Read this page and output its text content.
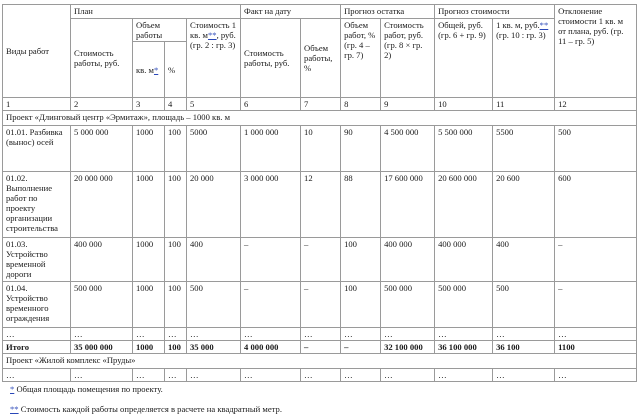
Виды работ	План				Факт на дату		Прогноз остатка		Прогноз стоимости		Отклонение стоимости 1 кв. м от плана, руб. (гр. 11 – гр. 5)
	Стоимость работы, руб.	Объем работы		Стоимость 1 кв. м**, руб. (гр. 2 : гр. 3)	Стоимость работы, руб.	Объем работы, %	Объем работ, % (гр. 4 – гр. 7)	Стоимость работ, руб. (гр. 8 × гр. 2)	Общей, руб. (гр. 6 + гр. 9)	1 кв. м, руб.** (гр. 10 : гр. 3)	
		кв. м*	%								
1	2	3	4	5	6	7	8	9	10	11	12
Проект «Длинговый центр «Эрмитаж», площадь – 1000 кв. м											
01.01. Разбивка (вынос) осей	5 000 000	1000	100	5000	1 000 000	10	90	4 500 000	5 500 000	5500	500
01.02. Выполнение работ по проекту организации строительства	20 000 000	1000	100	20 000	3 000 000	12	88	17 600 000	20 600 000	20 600	600
01.03. Устройство временной дороги	400 000	1000	100	400	–	–	100	400 000	400 000	400	–
01.04. Устройство временного ограждения	500 000	1000	100	500	–	–	100	500 000	500 000	500	–
…	…	…	…	…	…	…	…	…	…	…	…
Итого	35 000 000	1000	100	35 000	4 000 000	–	–	32 100 000	36 100 000	36 100	1100
Проект «Жилой комплекс «Пруды»											
…	…	…	…	…	…	…	…	…	…	…	…
* Общая площадь помещения по проекту.
** Стоимость каждой работы определяется в расчете на квадратный метр.
